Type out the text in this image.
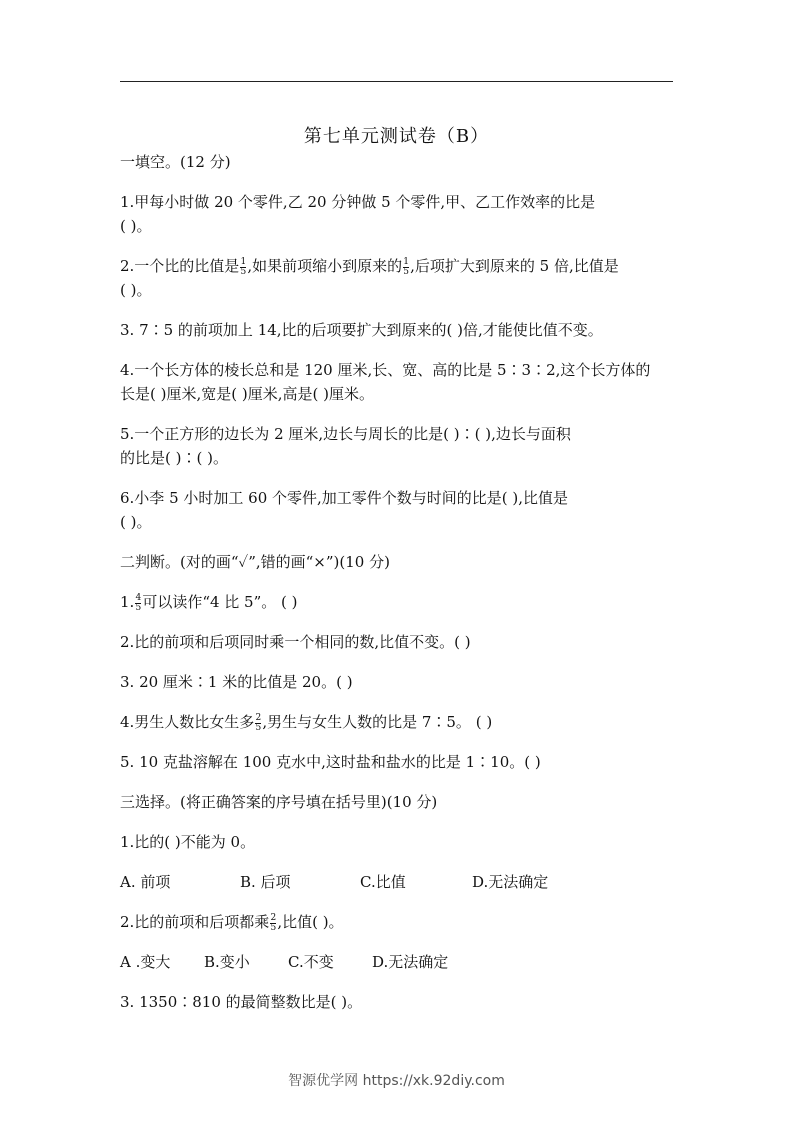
第七单元测试卷（B）
一填空。(12 分)
1.甲每小时做 20 个零件,乙 20 分钟做 5 个零件,甲、乙工作效率的比是
( )。
2.一个比的比值是 $\frac{1}{5}$ ,如果前项缩小到原来的 $\frac{1}{5}$ ,后项扩大到原来的 5 倍,比值是
( )。
3. 7∶5 的前项加上 14,比的后项要扩大到原来的( )倍,才能使比值不变。
4.一个长方体的棱长总和是 120 厘米,长、宽、高的比是 5∶3∶2,这个长方体的
长是( )厘米,宽是( )厘米,高是( )厘米。
5.一个正方形的边长为 2 厘米,边长与周长的比是( )∶( ),边长与面积
的比是( )∶( )。
6.小李 5 小时加工 60 个零件,加工零件个数与时间的比是( ),比值是
( )。
二判断。(对的画“✓”,错的画“×”)(10 分)
1. $\frac{4}{5}$ 可以读作“4 比 5”。 ( )
2.比的前项和后项同时乘一个相同的数,比值不变。( )
3. 20 厘米∶1 米的比值是 20。( )
4.男生人数比女生多 $\frac{2}{5}$ ,男生与女生人数的比是 7∶5。 ( )
5. 10 克盐溶解在 100 克水中,这时盐和盐水的比是 1∶10。( )
三选择。(将正确答案的序号填在括号里)(10 分)
1.比的( )不能为 0。
A. 前项	B. 后项	C.比值	D.无法确定
2.比的前项和后项都乘 $\frac{2}{5}$ ,比值( )。
A .变大 B.变小	C.不变	D.无法确定
3. 1350∶810 的最简整数比是( )。
智源优学网 https://xk.92diy.com
